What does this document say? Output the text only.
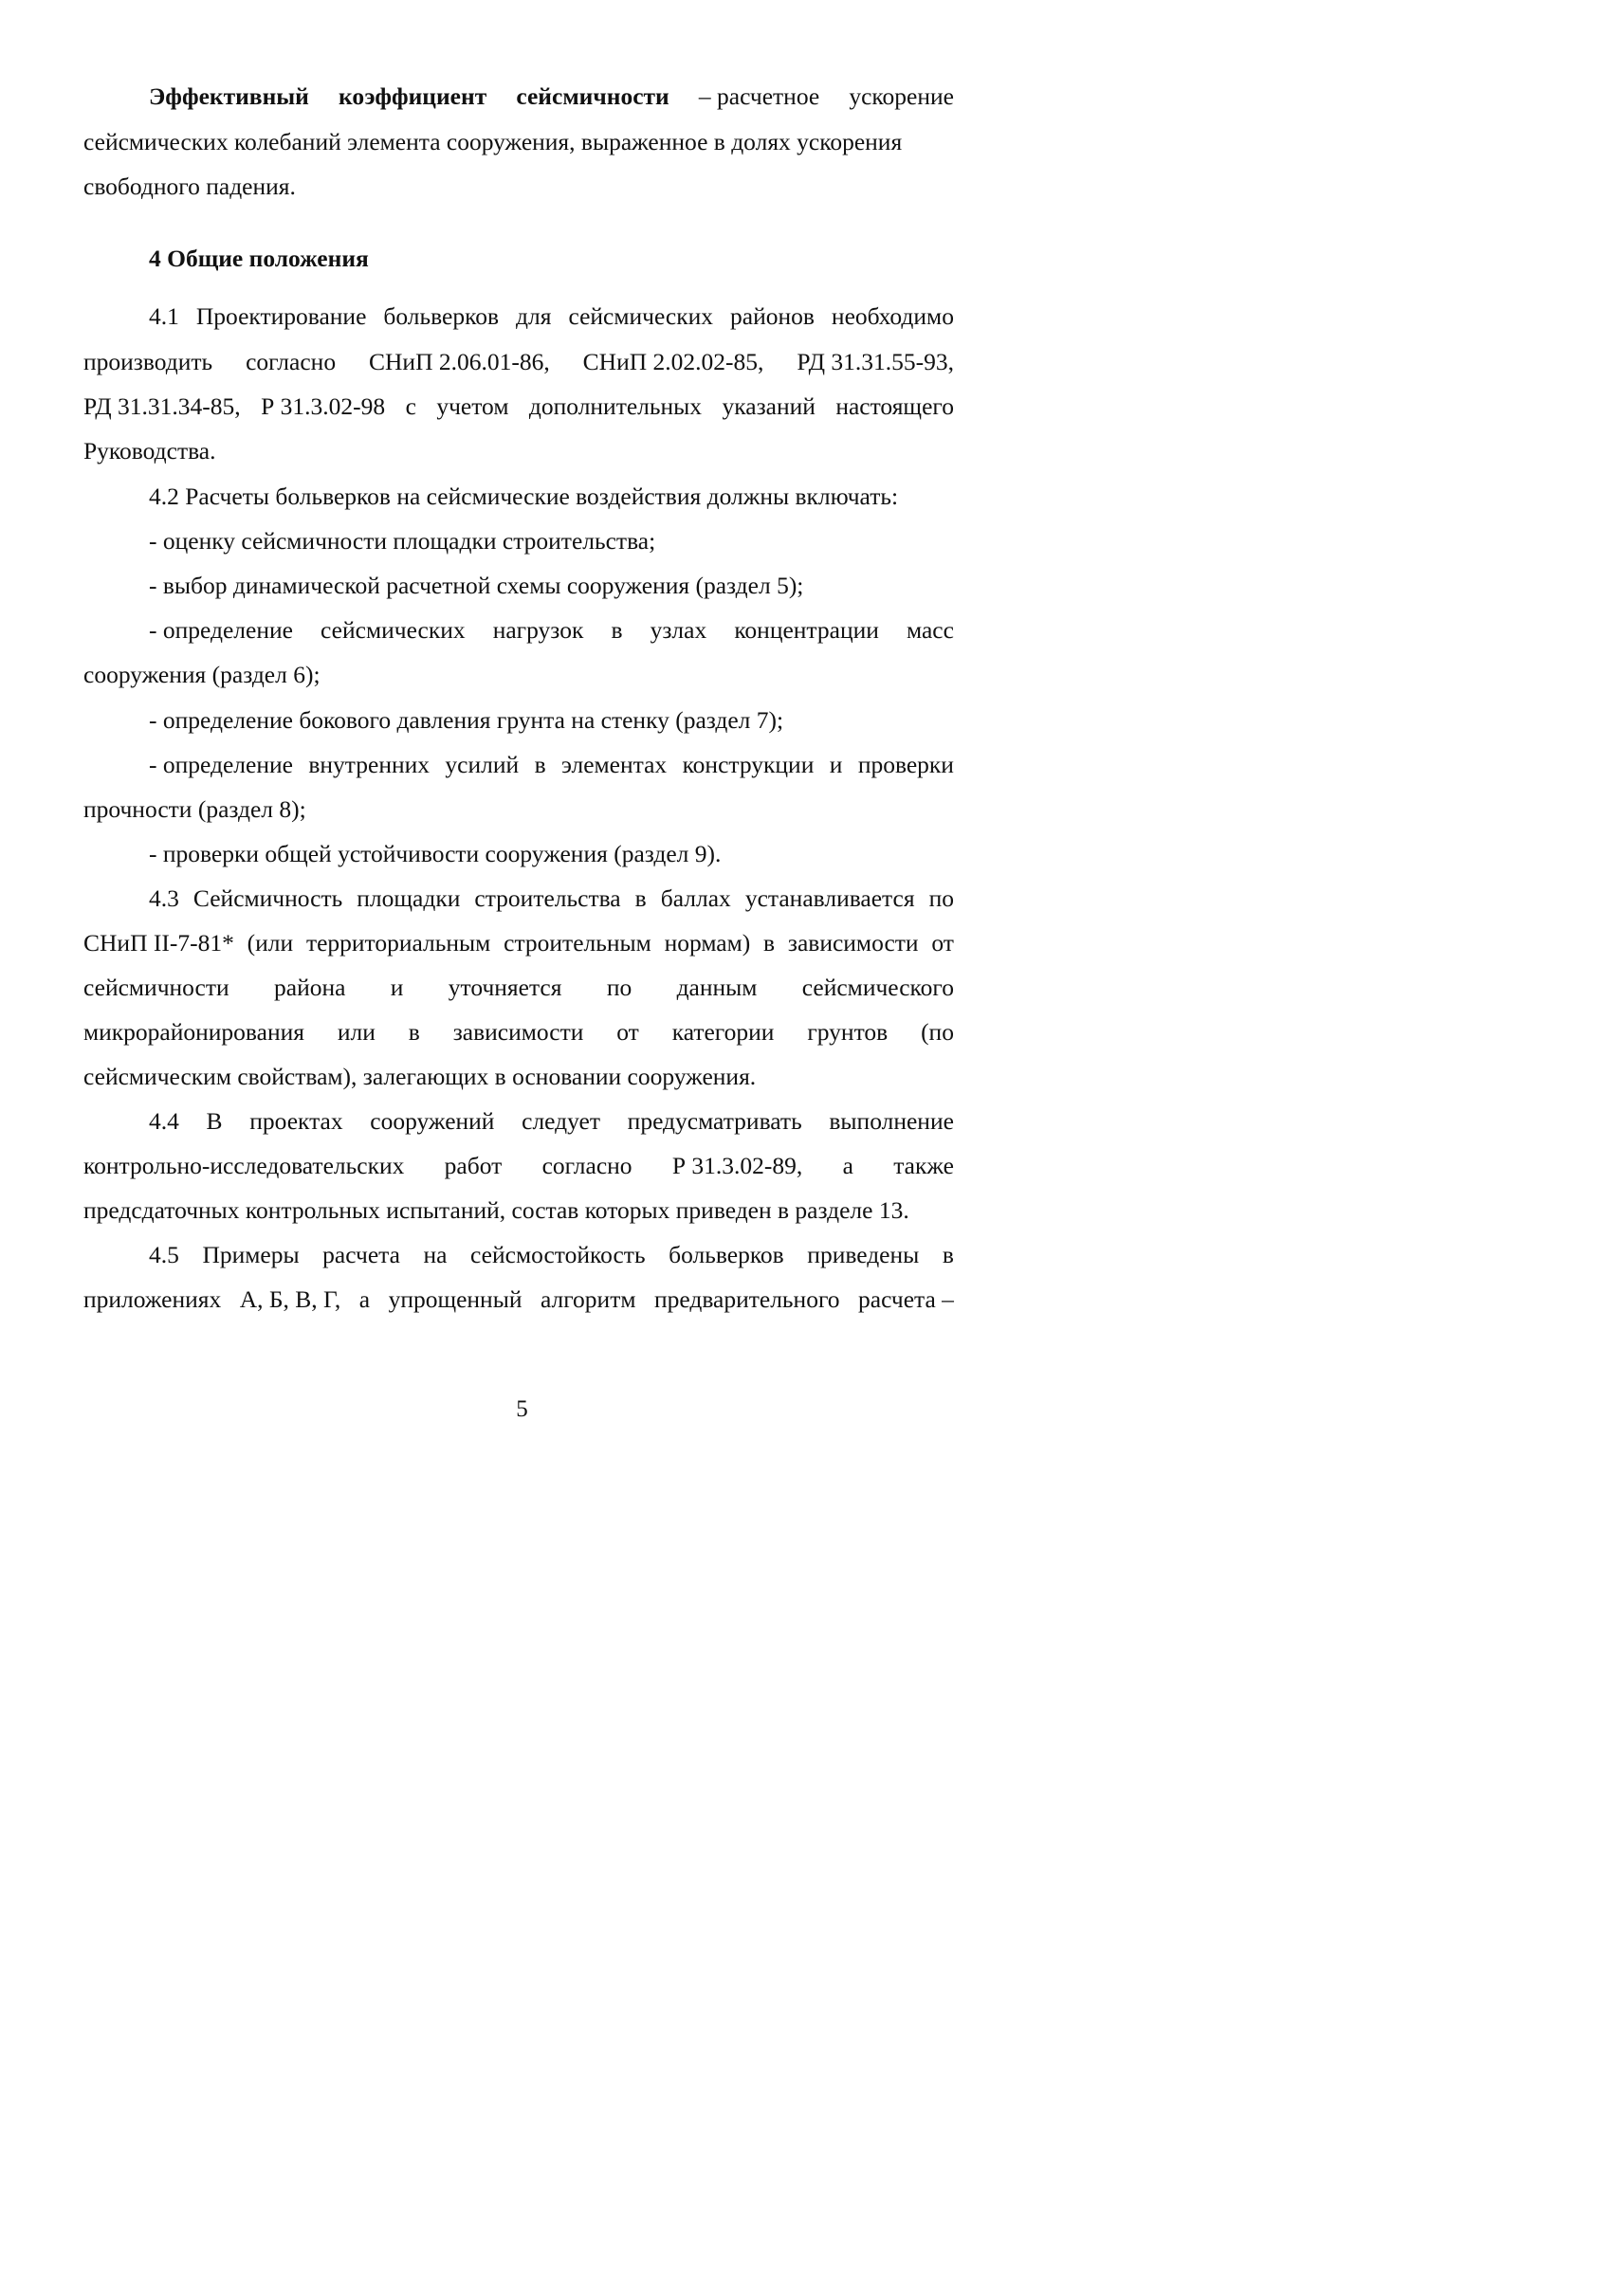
Эффективный коэффициент сейсмичности – расчетное ускорение
сейсмических колебаний элемента сооружения, выраженное в долях ускорения
свободного падения.
4 Общие положения
4.1 Проектирование больверков для сейсмических районов необходимо
производить согласно СНиП 2.06.01-86, СНиП 2.02.02-85, РД 31.31.55-93,
РД 31.31.34-85, Р 31.3.02-98 с учетом дополнительных указаний настоящего
Руководства.
4.2 Расчеты больверков на сейсмические воздействия должны включать:
- оценку сейсмичности площадки строительства;
- выбор динамической расчетной схемы сооружения (раздел 5);
- определение сейсмических нагрузок в узлах концентрации масс
сооружения (раздел 6);
- определение бокового давления грунта на стенку (раздел 7);
- определение внутренних усилий в элементах конструкции и проверки
прочности (раздел 8);
- проверки общей устойчивости сооружения (раздел 9).
4.3 Сейсмичность площадки строительства в баллах устанавливается по
СНиП II-7-81* (или территориальным строительным нормам) в зависимости от
сейсмичности района и уточняется по данным сейсмического
микрорайонирования или в зависимости от категории грунтов (по
сейсмическим свойствам), залегающих в основании сооружения.
4.4 В проектах сооружений следует предусматривать выполнение
контрольно-исследовательских работ согласно Р 31.3.02-89, а также
предсдаточных контрольных испытаний, состав которых приведен в разделе 13.
4.5 Примеры расчета на сейсмостойкость больверков приведены в
приложениях А, Б, В, Г, а упрощенный алгоритм предварительного расчета –
5
